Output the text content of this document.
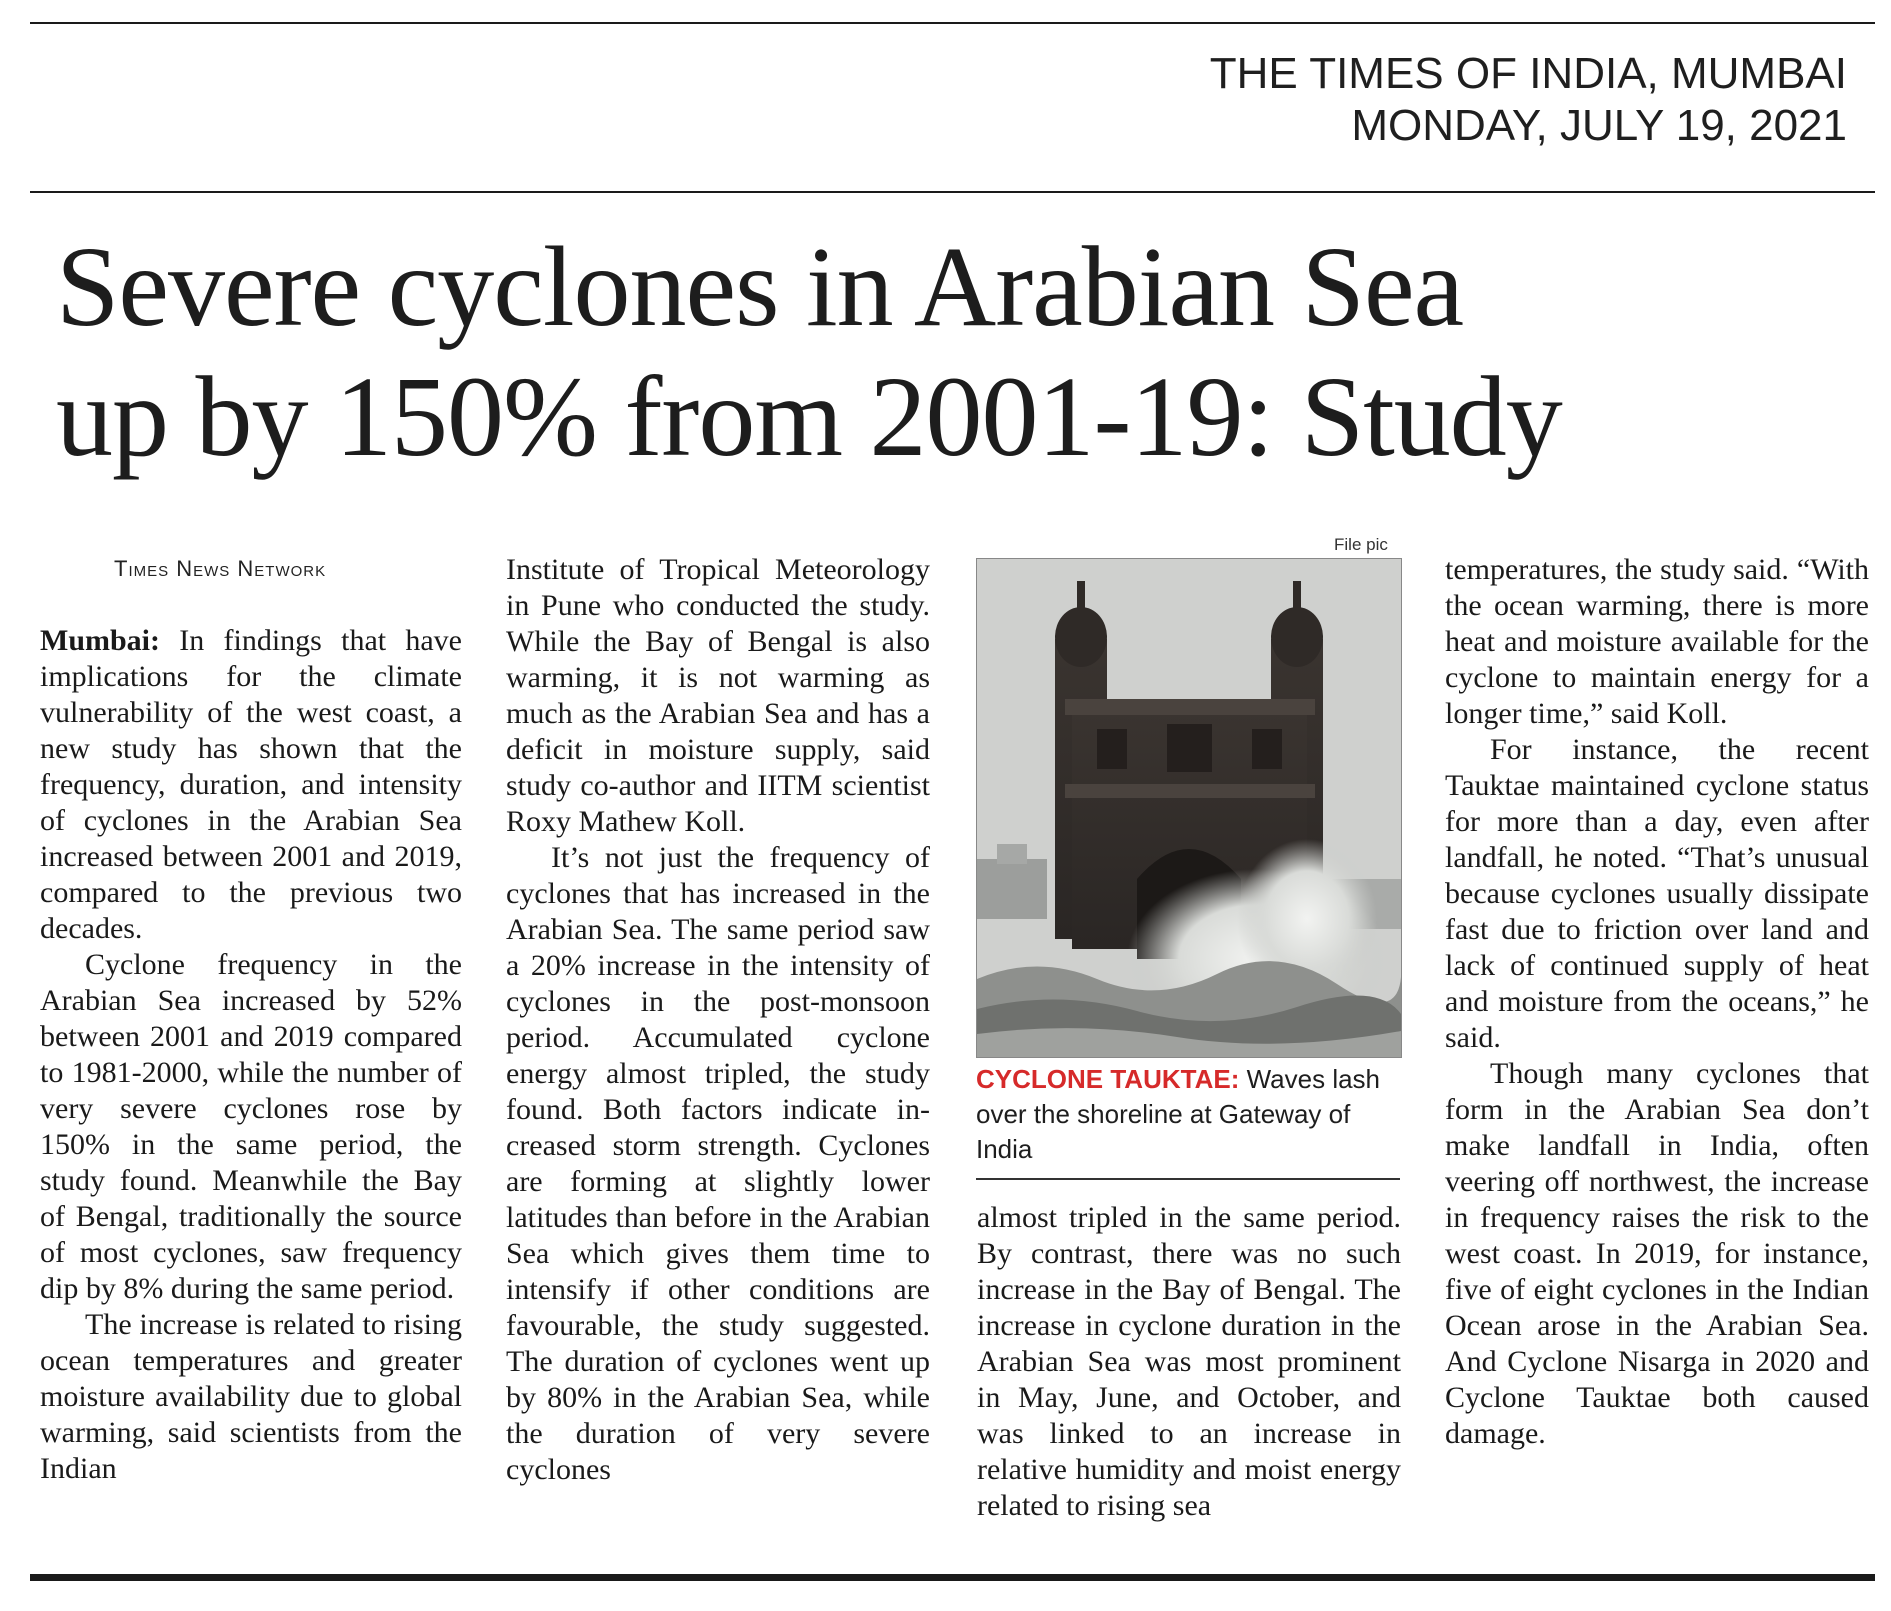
THE TIMES OF INDIA, MUMBAI
MONDAY, JULY 19, 2021
Severe cyclones in Arabian Sea
up by 150% from 2001-19: Study
Times News Network

Mumbai: In findings that have implications for the climate vulnerability of the west coast, a new study has shown that the frequency, duration, and intensity of cyclones in the Arabian Sea increased between 2001 and 2019, compared to the previous two decades.

Cyclone frequency in the Arabian Sea increased by 52% between 2001 and 2019 compared to 1981-2000, while the number of very severe cyclones rose by 150% in the same period, the study found. Meanwhile the Bay of Bengal, traditionally the source of most cyclones, saw frequency dip by 8% during the same period.

The increase is related to rising ocean temperatures and greater moisture availability due to global warming, said scientists from the Indian

Institute of Tropical Meteorology in Pune who conducted the study. While the Bay of Bengal is also warming, it is not warming as much as the Arabian Sea and has a deficit in moisture supply, said study co-author and IITM scientist Roxy Mathew Koll.

It’s not just the frequency of cyclones that has increased in the Arabian Sea. The same period saw a 20% increase in the intensity of cyclones in the post-monsoon period. Accumulated cyclone energy almost tripled, the study found. Both factors indicate increased storm strength. Cyclones are forming at slightly lower latitudes than before in the Arabian Sea which gives them time to intensify if other conditions are favourable, the study suggested. The duration of cyclones went up by 80% in the Arabian Sea, while the duration of very severe cyclones

File pic
CYCLONE TAUKTAE: Waves lash over the shoreline at Gateway of India

almost tripled in the same period. By contrast, there was no such increase in the Bay of Bengal. The increase in cyclone duration in the Arabian Sea was most prominent in May, June, and October, and was linked to an increase in relative humidity and moist energy related to rising sea

temperatures, the study said. “With the ocean warming, there is more heat and moisture available for the cyclone to maintain energy for a longer time,” said Koll.

For instance, the recent Tauktae maintained cyclone status for more than a day, even after landfall, he noted. “That’s unusual because cyclones usually dissipate fast due to friction over land and lack of continued supply of heat and moisture from the oceans,” he said.

Though many cyclones that form in the Arabian Sea don’t make landfall in India, often veering off northwest, the increase in frequency raises the risk to the west coast. In 2019, for instance, five of eight cyclones in the Indian Ocean arose in the Arabian Sea. And Cyclone Nisarga in 2020 and Cyclone Tauktae both caused damage.
